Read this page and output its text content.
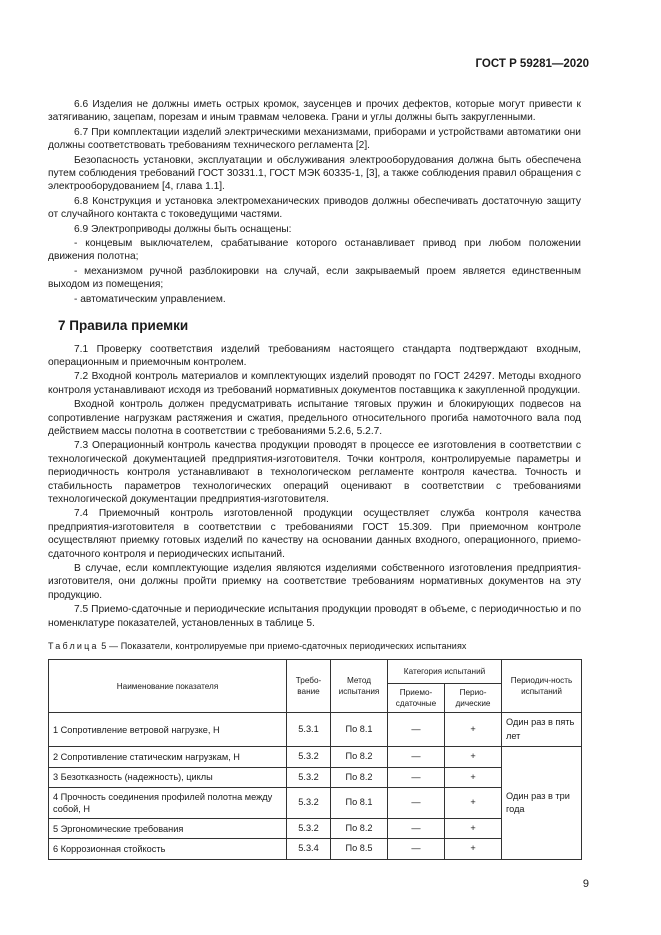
ГОСТ Р 59281—2020

6.6 Изделия не должны иметь острых кромок, заусенцев и прочих дефектов, которые могут привести к затягиванию, зацепам, порезам и иным травмам человека. Грани и углы должны быть закругленными.

6.7 При комплектации изделий электрическими механизмами, приборами и устройствами автоматики они должны соответствовать требованиям технического регламента [2].

Безопасность установки, эксплуатации и обслуживания электрооборудования должна быть обеспечена путем соблюдения требований ГОСТ 30331.1, ГОСТ МЭК 60335-1, [3], а также соблюдения правил обращения с электрооборудованием [4, глава 1.1].

6.8 Конструкция и установка электромеханических приводов должны обеспечивать достаточную защиту от случайного контакта с токоведущими частями.

6.9 Электроприводы должны быть оснащены:

- концевым выключателем, срабатывание которого останавливает привод при любом положении движения полотна;

- механизмом ручной разблокировки на случай, если закрываемый проем является единственным выходом из помещения;

- автоматическим управлением.

7 Правила приемки

7.1 Проверку соответствия изделий требованиям настоящего стандарта подтверждают входным, операционным и приемочным контролем.

7.2 Входной контроль материалов и комплектующих изделий проводят по ГОСТ 24297. Методы входного контроля устанавливают исходя из требований нормативных документов поставщика к закупленной продукции.

Входной контроль должен предусматривать испытание тяговых пружин и блокирующих подвесов на сопротивление нагрузкам растяжения и сжатия, предельного относительного прогиба намоточного вала под действием массы полотна в соответствии с требованиями 5.2.6, 5.2.7.

7.3 Операционный контроль качества продукции проводят в процессе ее изготовления в соответствии с технологической документацией предприятия-изготовителя. Точки контроля, контролируемые параметры и периодичность контроля устанавливают в технологическом регламенте контроля качества. Точность и стабильность параметров технологических операций оценивают в соответствии с требованиями технологической документации предприятия-изготовителя.

7.4 Приемочный контроль изготовленной продукции осуществляет служба контроля качества предприятия-изготовителя в соответствии с требованиями ГОСТ 15.309. При приемочном контроле осуществляют приемку готовых изделий по качеству на основании данных входного, операционного, приемо-сдаточного контроля и периодических испытаний.

В случае, если комплектующие изделия являются изделиями собственного изготовления предприятия-изготовителя, они должны пройти приемку на соответствие требованиям нормативных документов на эту продукцию.

7.5 Приемо-сдаточные и периодические испытания продукции проводят в объеме, с периодичностью и по номенклатуре показателей, установленных в таблице 5.

Таблица 5 — Показатели, контролируемые при приемо-сдаточных периодических испытаниях
Наименование показателя	Требо-вание	Метод испытания	Категория испытаний		Периодич-ность испытаний
			Приемо-сдаточные	Перио-дические	
1 Сопротивление ветровой нагрузке, Н	5.3.1	По 8.1	—	+	Один раз в пять лет
2 Сопротивление статическим нагрузкам, Н	5.3.2	По 8.2	—	+	Один раз в три года
3 Безотказность (надежность), циклы	5.3.2	По 8.2	—	+	
4 Прочность соединения профилей полотна между собой, Н	5.3.2	По 8.1	—	+	
5 Эргономические требования	5.3.2	По 8.2	—	+	
6 Коррозионная стойкость	5.3.4	По 8.5	—	+	
9
